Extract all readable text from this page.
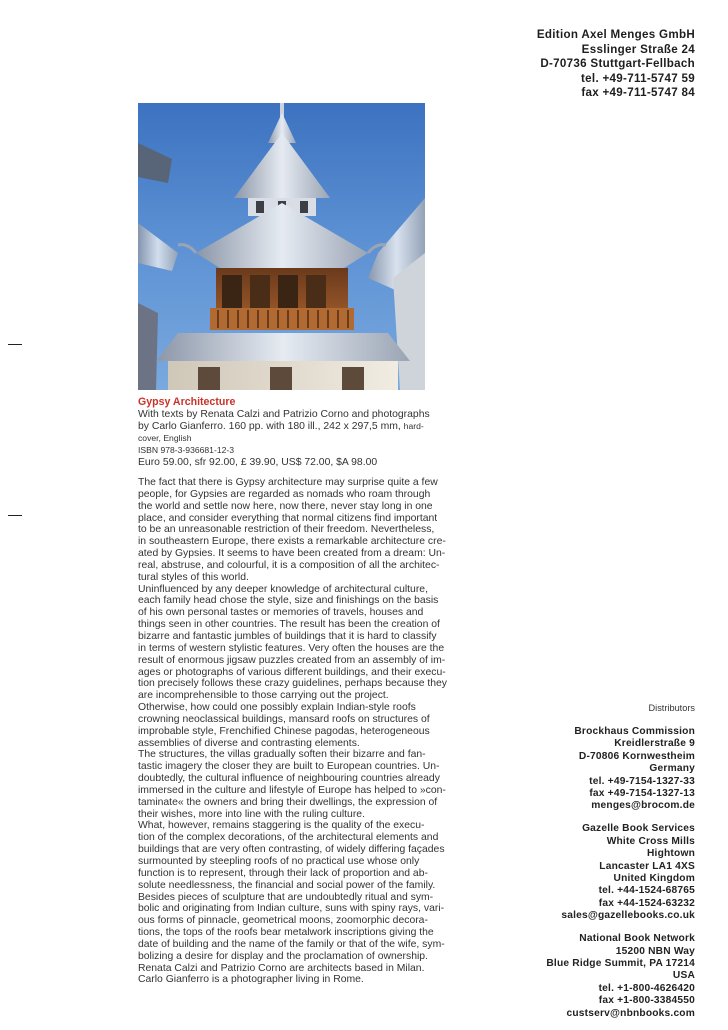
Edition Axel Menges GmbH
Esslinger Straße 24
D-70736 Stuttgart-Fellbach
tel. +49-711-5747 59
fax +49-711-5747 84
Gypsy Architecture
With texts by Renata Calzi and Patrizio Corno and photographs
by Carlo Gianferro. 160 pp. with 180 ill., 242 x 297,5 mm, hard-
cover, English
ISBN 978-3-936681-12-3
Euro 59.00, sfr 92.00, £ 39.90, US$ 72.00, $A 98.00
The fact that there is Gypsy architecture may surprise quite a few
people, for Gypsies are regarded as nomads who roam through
the world and settle now here, now there, never stay long in one
place, and consider everything that normal citizens find important
to be an unreasonable restriction of their freedom. Nevertheless,
in southeastern Europe, there exists a remarkable architecture cre-
ated by Gypsies. It seems to have been created from a dream: Un-
real, abstruse, and colourful, it is a composition of all the architec-
tural styles of this world.
Uninfluenced by any deeper knowledge of architectural culture,
each family head chose the style, size and finishings on the basis
of his own personal tastes or memories of travels, houses and
things seen in other countries. The result has been the creation of
bizarre and fantastic jumbles of buildings that it is hard to classify
in terms of western stylistic features. Very often the houses are the
result of enormous jigsaw puzzles created from an assembly of im-
ages or photographs of various different buildings, and their execu-
tion precisely follows these crazy guidelines, perhaps because they
are incomprehensible to those carrying out the project.
Otherwise, how could one possibly explain Indian-style roofs
crowning neoclassical buildings, mansard roofs on structures of
improbable style, Frenchified Chinese pagodas, heterogeneous
assemblies of diverse and contrasting elements.
The structures, the villas gradually soften their bizarre and fan-
tastic imagery the closer they are built to European countries. Un-
doubtedly, the cultural influence of neighbouring countries already
immersed in the culture and lifestyle of Europe has helped to »con-
taminate« the owners and bring their dwellings, the expression of
their wishes, more into line with the ruling culture.
What, however, remains staggering is the quality of the execu-
tion of the complex decorations, of the architectural elements and
buildings that are very often contrasting, of widely differing façades
surmounted by steepling roofs of no practical use whose only
function is to represent, through their lack of proportion and ab-
solute needlessness, the financial and social power of the family.
Besides pieces of sculpture that are undoubtedly ritual and sym-
bolic and originating from Indian culture, suns with spiny rays, vari-
ous forms of pinnacle, geometrical moons, zoomorphic decora-
tions, the tops of the roofs bear metalwork inscriptions giving the
date of building and the name of the family or that of the wife, sym-
bolizing a desire for display and the proclamation of ownership.
Renata Calzi and Patrizio Corno are architects based in Milan.
Carlo Gianferro is a photographer living in Rome.
Distributors
Brockhaus Commission
Kreidlerstraße 9
D-70806 Kornwestheim
Germany
tel. +49-7154-1327-33
fax +49-7154-1327-13
menges@brocom.de
Gazelle Book Services
White Cross Mills
Hightown
Lancaster LA1 4XS
United Kingdom
tel. +44-1524-68765
fax +44-1524-63232
sales@gazellebooks.co.uk
National Book Network
15200 NBN Way
Blue Ridge Summit, PA 17214
USA
tel. +1-800-4626420
fax +1-800-3384550
custserv@nbnbooks.com
